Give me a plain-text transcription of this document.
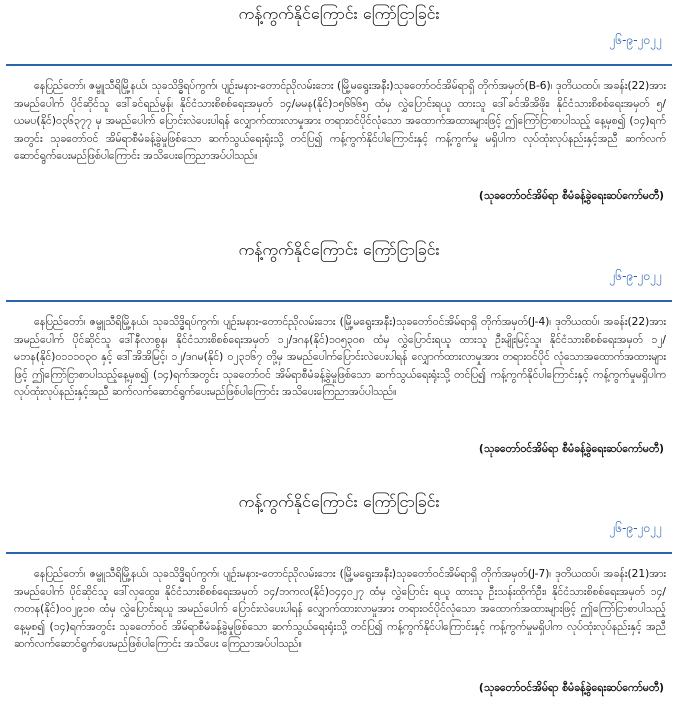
ကန့်ကွက်နိုင်ကြောင်း ကြော်ငြာခြင်း
၂၆-၉-၂၀၂၂
နေပြည်တော်၊ ဇမ္ဗူသီရိမြို့နယ်၊ သုခသိဒ္ဓိရပ်ကွက်၊ ပျဉ်းမနား-တောင်ညိုလမ်းဘေး (မြို့မရွေးအနီး)သုခတော်ဝင်အိမ်ရာရှိ တိုက်အမှတ်(B-6)၊ ဒုတိယထပ်၊ အခန်း(22)အား အမည်ပေါက် ပိုင်ဆိုင်သူ ဒေါ်ခင်ရည်မွန်၊ နိုင်ငံသားစိစစ်ရေးအမှတ် ၁၄/မမန(နိုင်)၁၅၆၆၆၅ ထံမှ လွှဲပြောင်းရယူ ထားသူ ဒေါ်ခင်အိအိဖိုး၊ နိုင်ငံသားစိစစ်ရေးအမှတ် ၅/ယမပ(နိုင်)၀၃၆၃၇၇ မှ အမည်ပေါက် ပြောင်းလဲပေးပါရန် လျှောက်ထားလာမှုအား တရားဝင်ပိုင်လုံသော အထောက်အထားများဖြင့် ဤကြော်ငြာစာပါသည့် နေ့မှစ၍ (၁၄)ရက်အတွင်း သုခတော်ဝင် အိမ်ရာစီမံခန့်ခွဲမှုဖြစ်သော ဆက်သွယ်ရေးရုံးသို့ တင်ပြ၍ ကန့်ကွက်နိုင်ပါကြောင်းနှင့် ကန့်ကွက်မှု မရှိပါက လုပ်ထုံးလုပ်နည်းနှင့်အညီ ဆက်လက်ဆောင်ရွက်ပေးမည်ဖြစ်ပါကြောင်း အသိပေးကြေညာအပ်ပါသည်။
(သုခတော်ဝင်အိမ်ရာ စီမံခန့်ခွဲရေးဆပ်ကော်မတီ)
ကန့်ကွက်နိုင်ကြောင်း ကြော်ငြာခြင်း
၂၆-၉-၂၀၂၂
နေပြည်တော်၊ ဇမ္ဗူသီရိမြို့နယ်၊ သုခသိဒ္ဓိရပ်ကွက်၊ ပျဉ်းမနား-တောင်ညိုလမ်းဘေး (မြို့မရွေးအနီး)သုခတော်ဝင်အိမ်ရာရှိ တိုက်အမှတ်(J-4)၊ ဒုတိယထပ်၊ အခန်း(22)အား အမည်ပေါက် ပိုင်ဆိုင်သူ ဒေါ်နီလာစွန၊ နိုင်ငံသားစိစစ်ရေးအမှတ် ၁၂/ဒဂန(နိုင်)၁၀၅၃၀၈ ထံမှ လွှဲပြောင်းရယူ ထားသူ ဦးမျိုးမြင့်သူ၊ နိုင်ငံသားစိစစ်ရေးအမှတ် ၁၂/မဘန(နိုင်)၀၁၁၁၀၃၀ နှင့် ဒေါ်အိအိမြင့်၊ ၁၂/ဒဂမ(နိုင်) ၀၂၃၁၆၇ တို့မှ အမည်ပေါက်ပြောင်းလဲပေးပါရန် လျှောက်ထားလာမှုအား တရားဝင်ပိုင် လုံသောအထောက်အထားများဖြင့် ဤကြော်ငြာစာပါသည့်နေ့မှစ၍ (၁၄)ရက်အတွင်း သုခတော်ဝင် အိမ်ရာစီမံခန့်ခွဲမှုဖြစ်သော ဆက်သွယ်ရေးရုံးသို့ တင်ပြ၍ ကန့်ကွက်နိုင်ပါကြောင်းနှင့် ကန့်ကွက်မှုမရှိပါက လုပ်ထုံးလုပ်နည်းနှင့်အညီ ဆက်လက်ဆောင်ရွက်ပေးမည်ဖြစ်ပါကြောင်း အသိပေးကြေညာအပ်ပါသည်။
(သုခတော်ဝင်အိမ်ရာ စီမံခန့်ခွဲရေးဆပ်ကော်မတီ)
ကန့်ကွက်နိုင်ကြောင်း ကြော်ငြာခြင်း
၂၆-၉-၂၀၂၂
နေပြည်တော်၊ ဇမ္ဗူသီရိမြို့နယ်၊ သုခသိဒ္ဓိရပ်ကွက်၊ ပျဉ်းမနား-တောင်ညိုလမ်းဘေး (မြို့မရွေးအနီး)သုခတော်ဝင်အိမ်ရာရှိ တိုက်အမှတ်(J-7)၊ ဒုတိယထပ်၊ အခန်း(21)အား အမည်ပေါက် ပိုင်ဆိုင်သူ ဒေါ်လှထွေး၊ နိုင်ငံသားစိစစ်ရေးအမှတ် ၁၄/ဘကလ(နိုင်)၀၄၄၀၂၇ ထံမှ လွှဲပြောင်း ရယူ ထားသူ ဦးသန်းထိုက်ဦး၊ နိုင်ငံသားစိစစ်ရေးအမှတ် ၁၄/ကတန(နိုင်)၀၀၂၉၁၈ ထံမှ လွှဲပြောင်းရယူ အမည်ပေါက် ပြောင်းလဲပေးပါရန် လျှောက်ထားလာမှုအား တရားဝင်ပိုင်လုံသော အထောက်အထားများဖြင့် ဤကြော်ငြာစာပါသည့် နေ့မှစ၍ (၁၄)ရက်အတွင်း သုခတော်ဝင် အိမ်ရာစီမံခန့်ခွဲမှုဖြစ်သော ဆက်သွယ်ရေးရုံးသို့ တင်ပြ၍ ကန့်ကွက်နိုင်ပါကြောင်းနှင့် ကန့်ကွက်မှုမရှိပါက လုပ်ထုံးလုပ်နည်းနှင့် အညီ ဆက်လက်ဆောင်ရွက်ပေးမည်ဖြစ်ပါကြောင်း အသိပေး ကြေညာအပ်ပါသည်။
(သုခတော်ဝင်အိမ်ရာ စီမံခန့်ခွဲရေးဆပ်ကော်မတီ)
